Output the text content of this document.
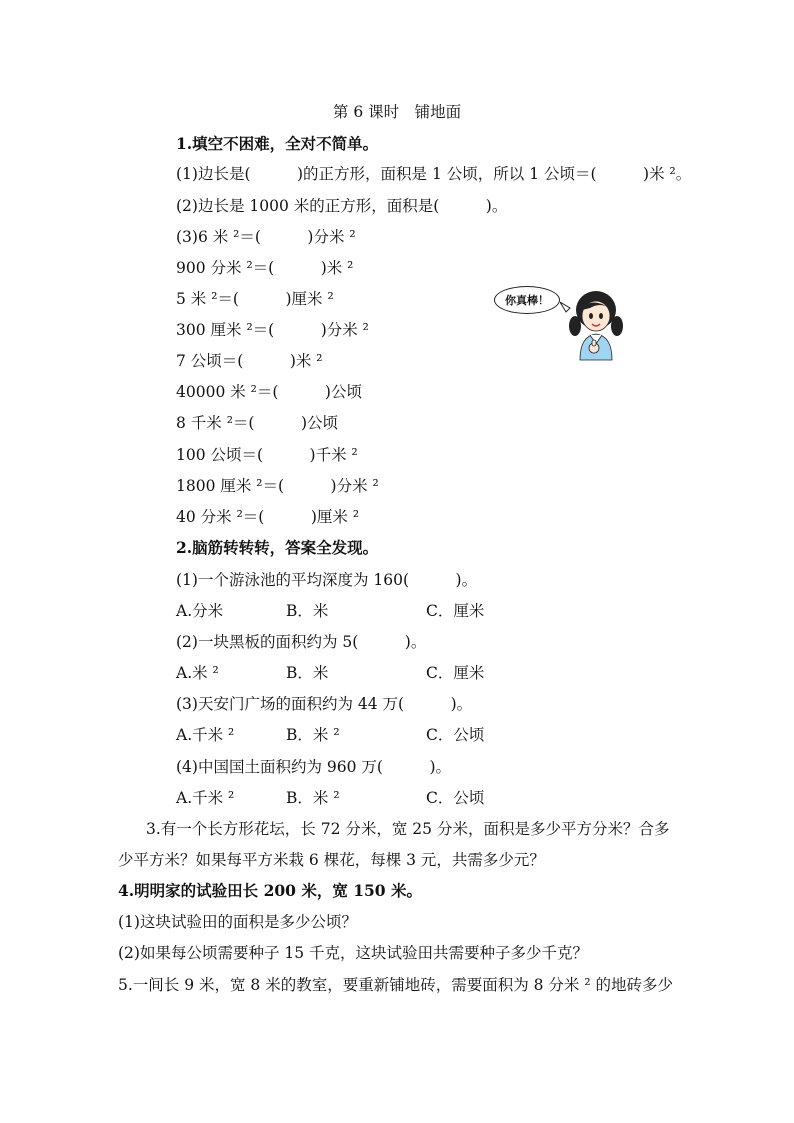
第 6 课时　铺地面
1.填空不困难，全对不简单。
(1)边长是(　　　)的正方形，面积是 1 公顷，所以 1 公顷＝(　　　)米 ²。
(2)边长是 1000 米的正方形，面积是(　　　)。
(3)6 米 ²＝(　　　)分米 ²
900 分米 ²＝(　　　)米 ²
5 米 ²＝(　　　)厘米 ²
300 厘米 ²＝(　　　)分米 ²
7 公顷＝(　　　)米 ²
40000 米 ²＝(　　　)公顷
8 千米 ²＝(　　　)公顷
100 公顷＝(　　　)千米 ²
1800 厘米 ²＝(　　　)分米 ²
40 分米 ²＝(　　　)厘米 ²
你真棒！
2.脑筋转转转，答案全发现。
(1)一个游泳池的平均深度为 160(　　　)。
A.分米	B．米	C．厘米
(2)一块黑板的面积约为 5(　　　)。
A.米 ²	B．米	C．厘米
(3)天安门广场的面积约为 44 万(　　　)。
A.千米 ²	B．米 ²	C．公顷
(4)中国国土面积约为 960 万(　　　)。
A.千米 ²	B．米 ²	C．公顷
3.有一个长方形花坛，长 72 分米，宽 25 分米，面积是多少平方分米？合多
少平方米？如果每平方米栽 6 棵花，每棵 3 元，共需多少元？
4.明明家的试验田长 200 米，宽 150 米。
(1)这块试验田的面积是多少公顷？
(2)如果每公顷需要种子 15 千克，这块试验田共需要种子多少千克？
5.一间长 9 米，宽 8 米的教室，要重新铺地砖，需要面积为 8 分米 ² 的地砖多少
